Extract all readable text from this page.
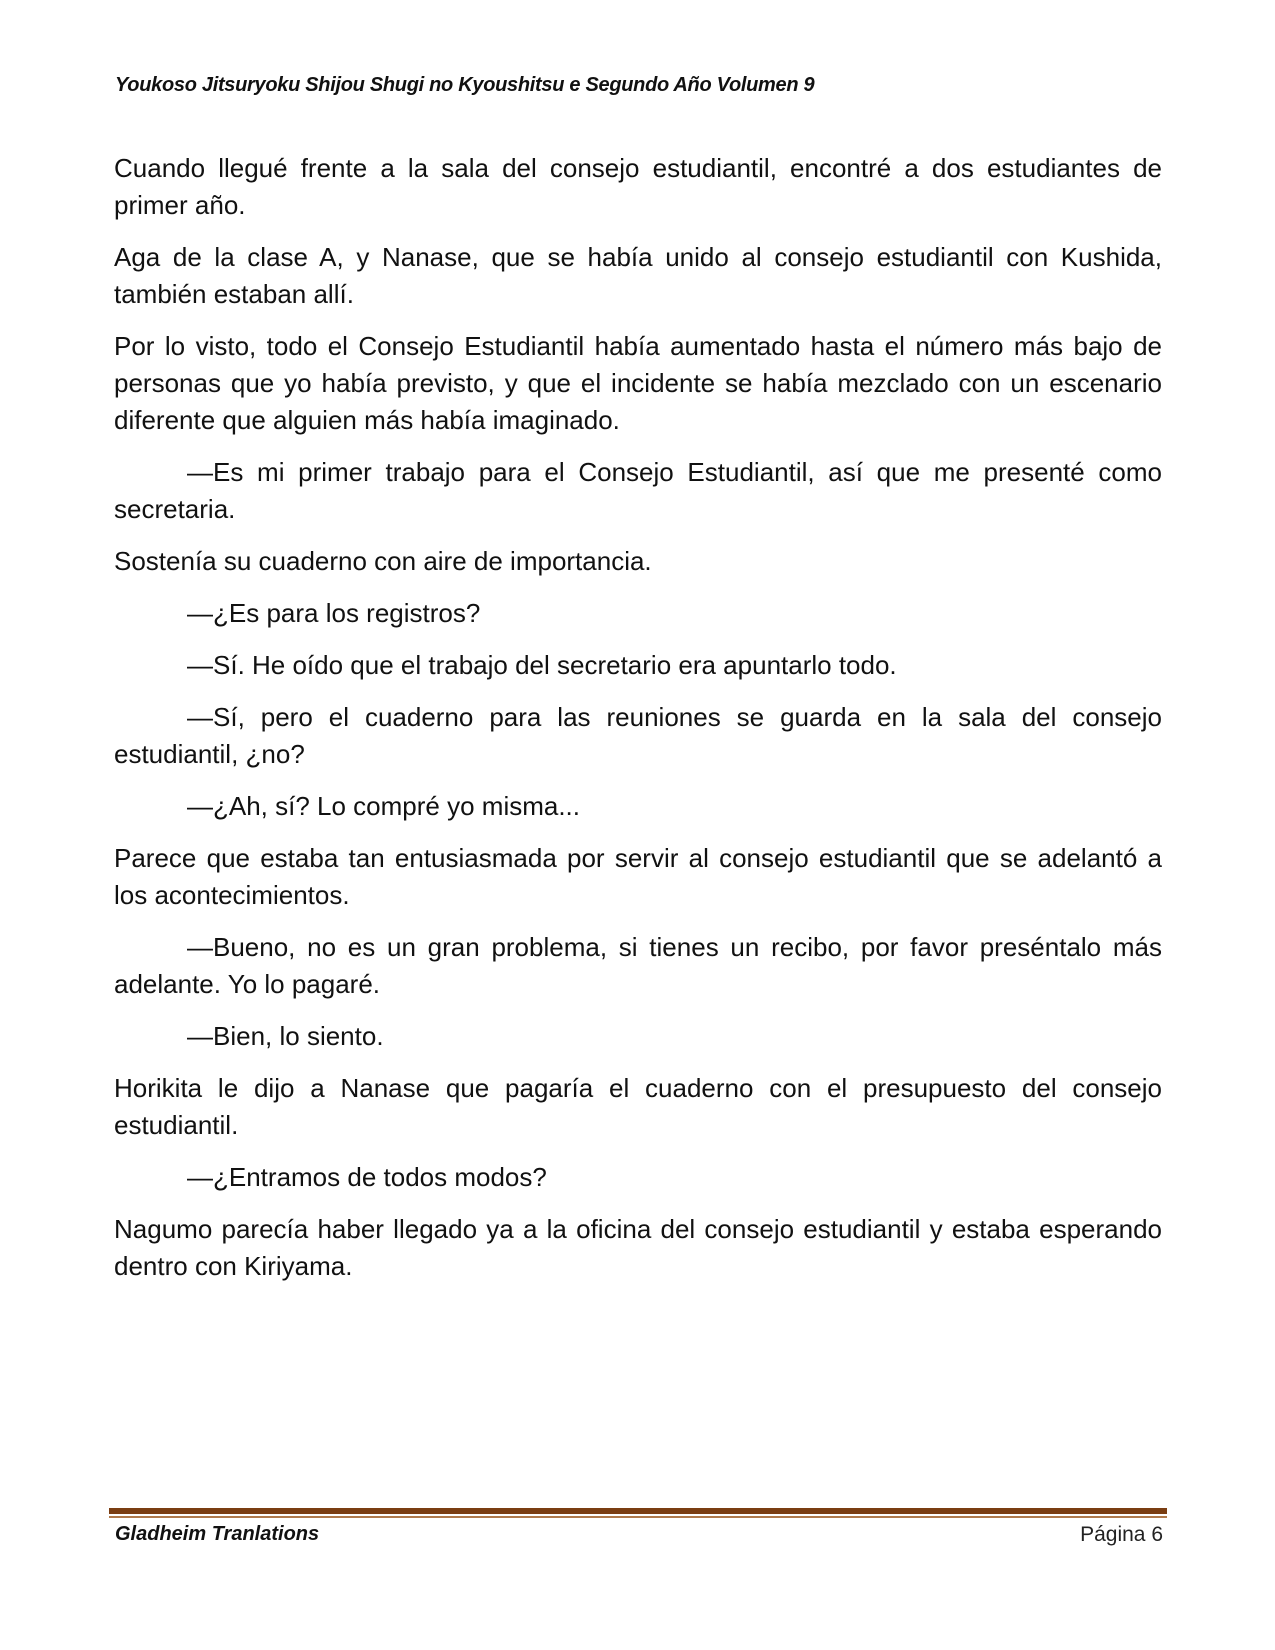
Youkoso Jitsuryoku Shijou Shugi no Kyoushitsu e Segundo Año Volumen 9

Cuando llegué frente a la sala del consejo estudiantil, encontré a dos estudiantes de primer año.

Aga de la clase A, y Nanase, que se había unido al consejo estudiantil con Kushida, también estaban allí.

Por lo visto, todo el Consejo Estudiantil había aumentado hasta el número más bajo de personas que yo había previsto, y que el incidente se había mezclado con un escenario diferente que alguien más había imaginado.

—Es mi primer trabajo para el Consejo Estudiantil, así que me presenté como secretaria.

Sostenía su cuaderno con aire de importancia.

—¿Es para los registros?

—Sí. He oído que el trabajo del secretario era apuntarlo todo.

—Sí, pero el cuaderno para las reuniones se guarda en la sala del consejo estudiantil, ¿no?

—¿Ah, sí? Lo compré yo misma...

Parece que estaba tan entusiasmada por servir al consejo estudiantil que se adelantó a los acontecimientos.

—Bueno, no es un gran problema, si tienes un recibo, por favor preséntalo más adelante. Yo lo pagaré.

—Bien, lo siento.

Horikita le dijo a Nanase que pagaría el cuaderno con el presupuesto del consejo estudiantil.

—¿Entramos de todos modos?

Nagumo parecía haber llegado ya a la oficina del consejo estudiantil y estaba esperando dentro con Kiriyama.

Gladheim Tranlations	Página 6
